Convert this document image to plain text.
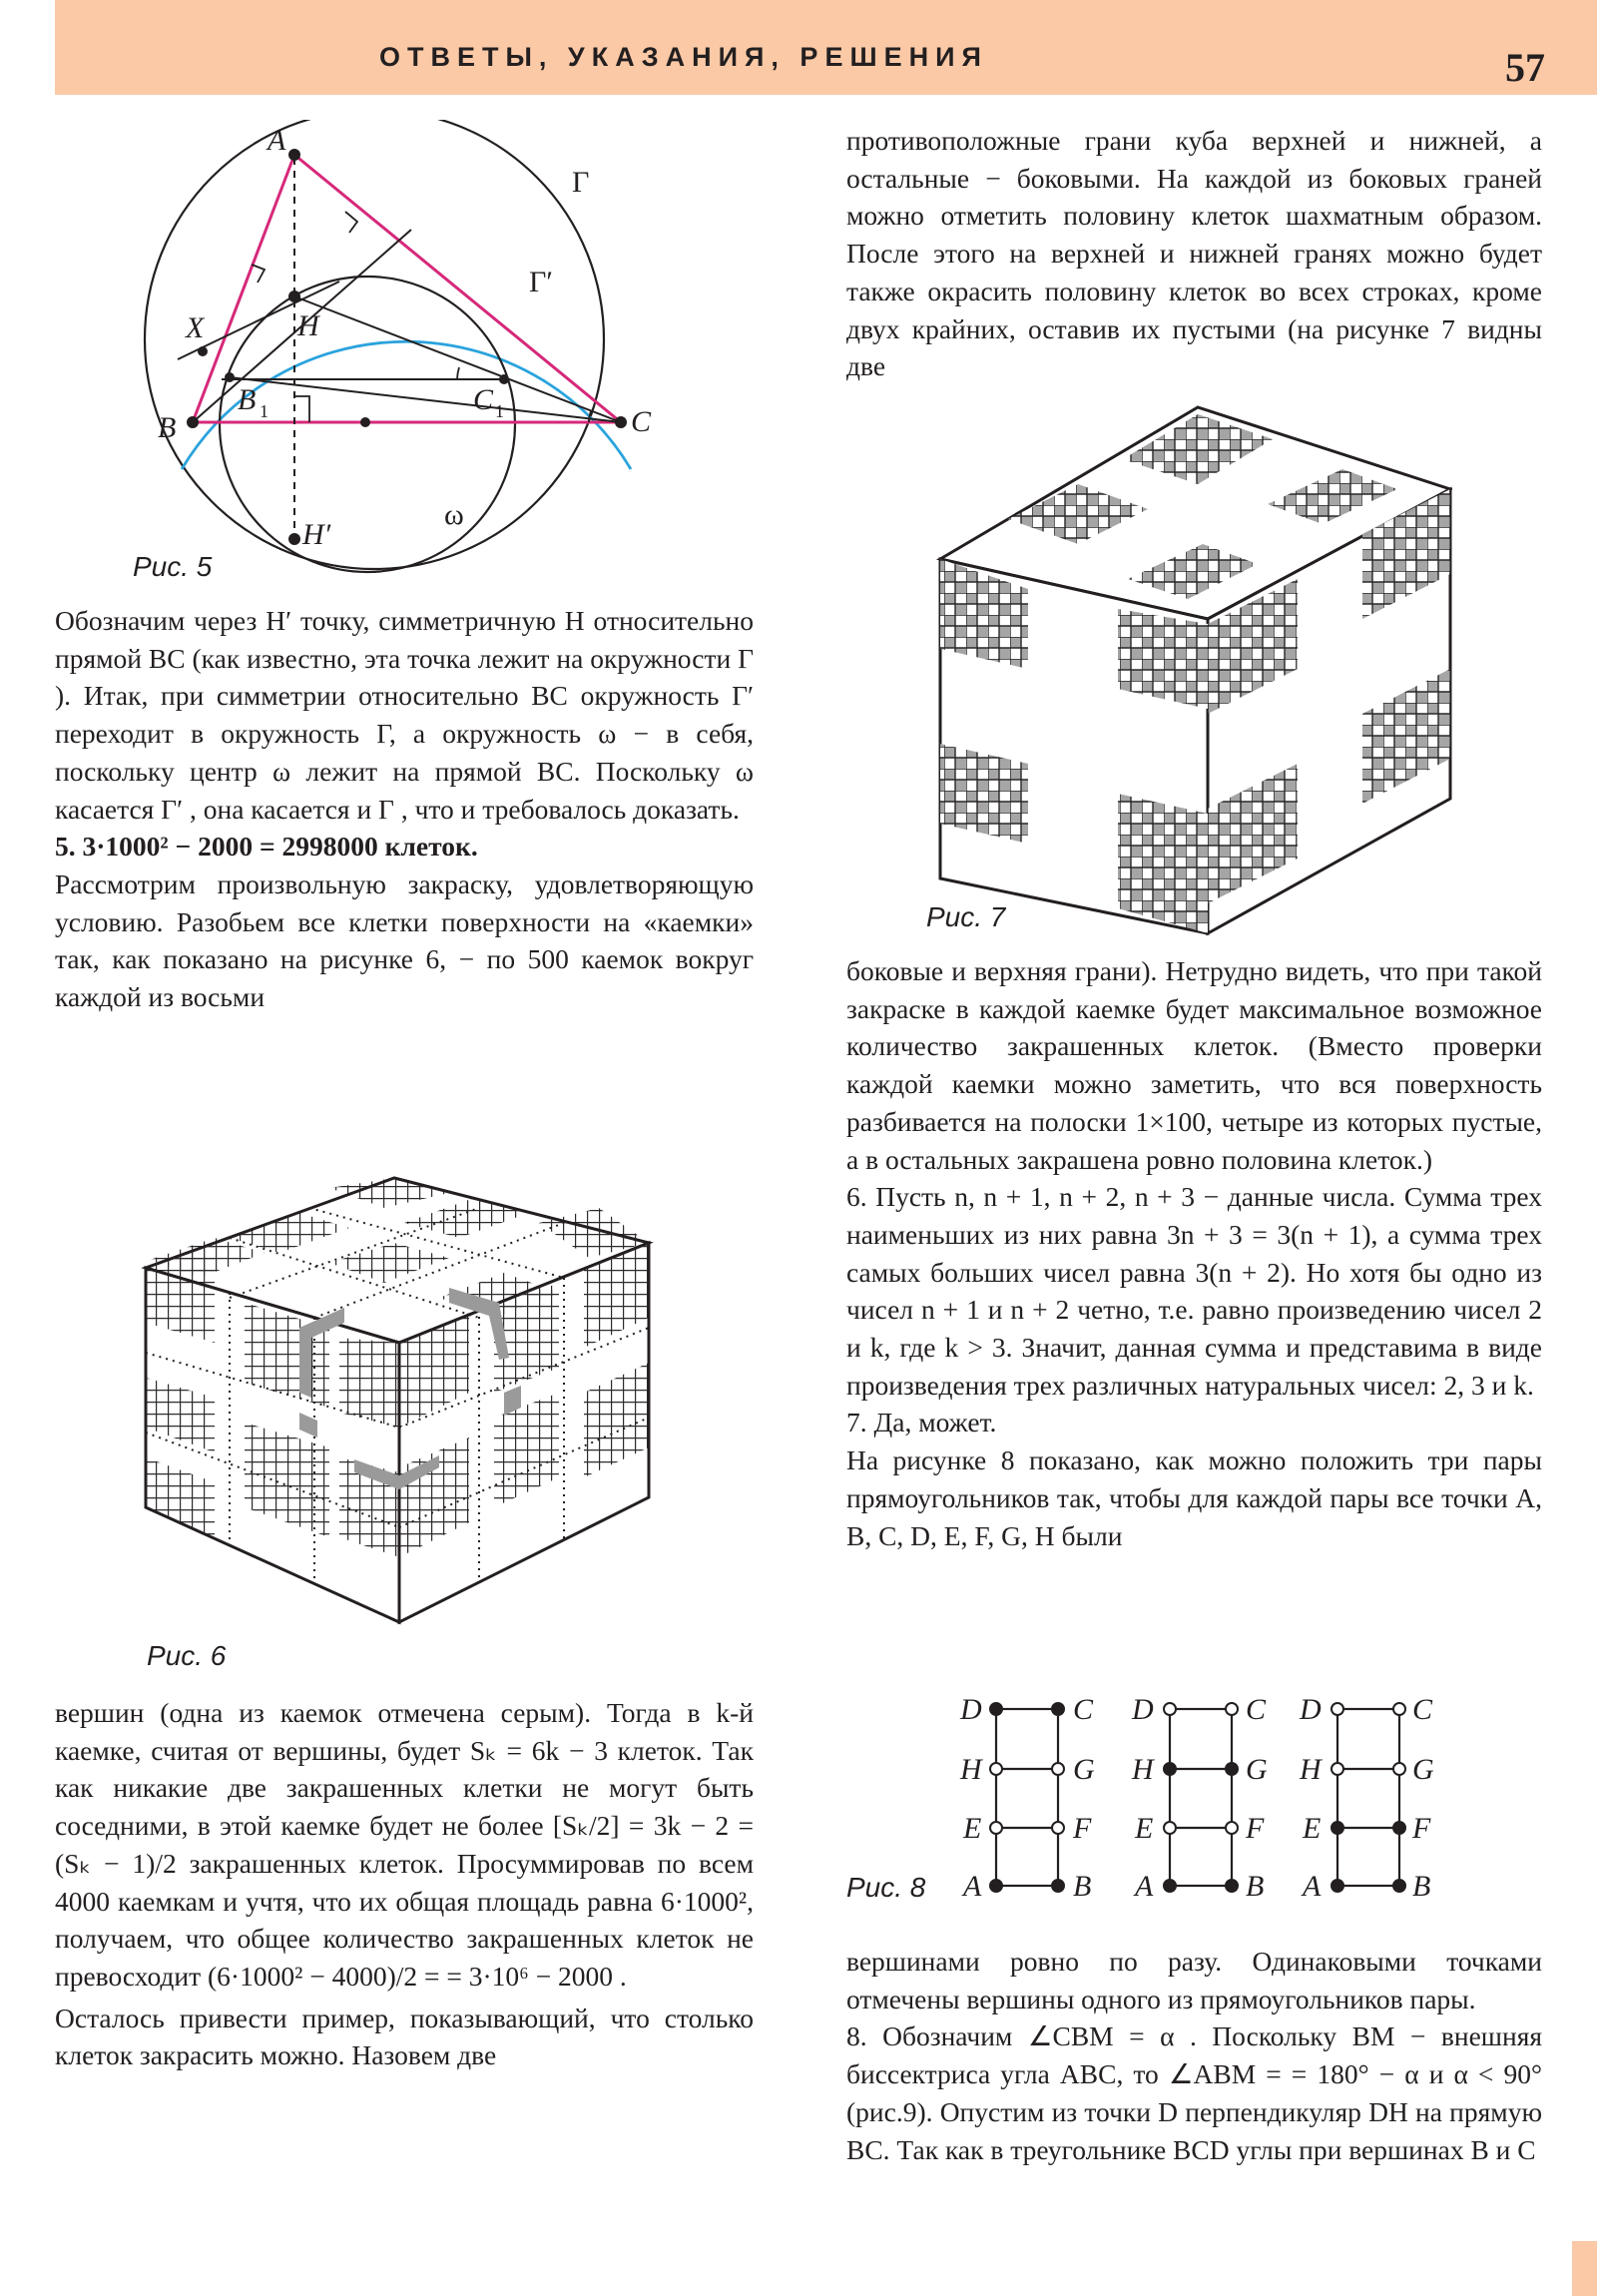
ОТВЕТЫ, УКАЗАНИЯ, РЕШЕНИЯ	57
A
B	C
H
H′
X
B 1	C 1
Γ
Γ′
ω
Рис. 5

Обозначим через H′ точку, симметричную H относительно прямой BC (как известно, эта точка лежит на окружности Γ ). Итак, при симметрии относительно BC окружность Γ′ переходит в окружность Γ, а окружность ω − в себя, поскольку центр ω лежит на прямой BC. Поскольку ω касается Γ′ , она касается и Γ , что и требовалось доказать.

5. 3·1000² − 2000 = 2998000 клеток.

Рассмотрим произвольную закраску, удовлетворяющую условию. Разобьем все клетки поверхности на «каемки» так, как показано на рисунке 6, − по 500 каемок вокруг каждой из восьми

Рис. 6

вершин (одна из каемок отмечена серым). Тогда в k-й каемке, считая от вершины, будет Sₖ = 6k − 3 клеток. Так как никакие две закрашенных клетки не могут быть соседними, в этой каемке будет не более [Sₖ/2] = 3k − 2 = (Sₖ − 1)/2 закрашенных клеток. Просуммировав по всем 4000 каемкам и учтя, что их общая площадь равна 6·1000², получаем, что общее количество закрашенных клеток не превосходит (6·1000² − 4000)/2 = = 3·10⁶ − 2000 .

Осталось привести пример, показывающий, что столько клеток закрасить можно. Назовем две

противоположные грани куба верхней и нижней, а остальные − боковыми. На каждой из боковых граней можно отметить половину клеток шахматным образом. После этого на верхней и нижней гранях можно будет также окрасить половину клеток во всех строках, кроме двух крайних, оставив их пустыми (на рисунке 7 видны две

Рис. 7

боковые и верхняя грани). Нетрудно видеть, что при такой закраске в каждой каемке будет максимальное возможное количество закрашенных клеток. (Вместо проверки каждой каемки можно заметить, что вся поверхность разбивается на полоски 1×100, четыре из которых пустые, а в остальных закрашена ровно половина клеток.)

6. Пусть n, n + 1, n + 2, n + 3 − данные числа. Сумма трех наименьших из них равна 3n + 3 = 3(n + 1), а сумма трех самых больших чисел равна 3(n + 2). Но хотя бы одно из чисел n + 1 и n + 2 четно, т.е. равно произведению чисел 2 и k, где k > 3. Значит, данная сумма и представима в виде произведения трех различных натуральных чисел: 2, 3 и k.

7. Да, может.

На рисунке 8 показано, как можно положить три пары прямоугольников так, чтобы для каждой пары все точки A, B, C, D, E, F, G, H были

D	C
H	G
E	F
A	B
D	C
H	G
E	F
A	B
D	C
H	G
E	F
A	B
Рис. 8

вершинами ровно по разу. Одинаковыми точками отмечены вершины одного из прямоугольников пары.

8. Обозначим ∠CBM = α . Поскольку BM − внешняя биссектриса угла ABC, то ∠ABM = = 180° − α и α < 90° (рис.9). Опустим из точки D перпендикуляр DH на прямую BC. Так как в треугольнике BCD углы при вершинах B и C
